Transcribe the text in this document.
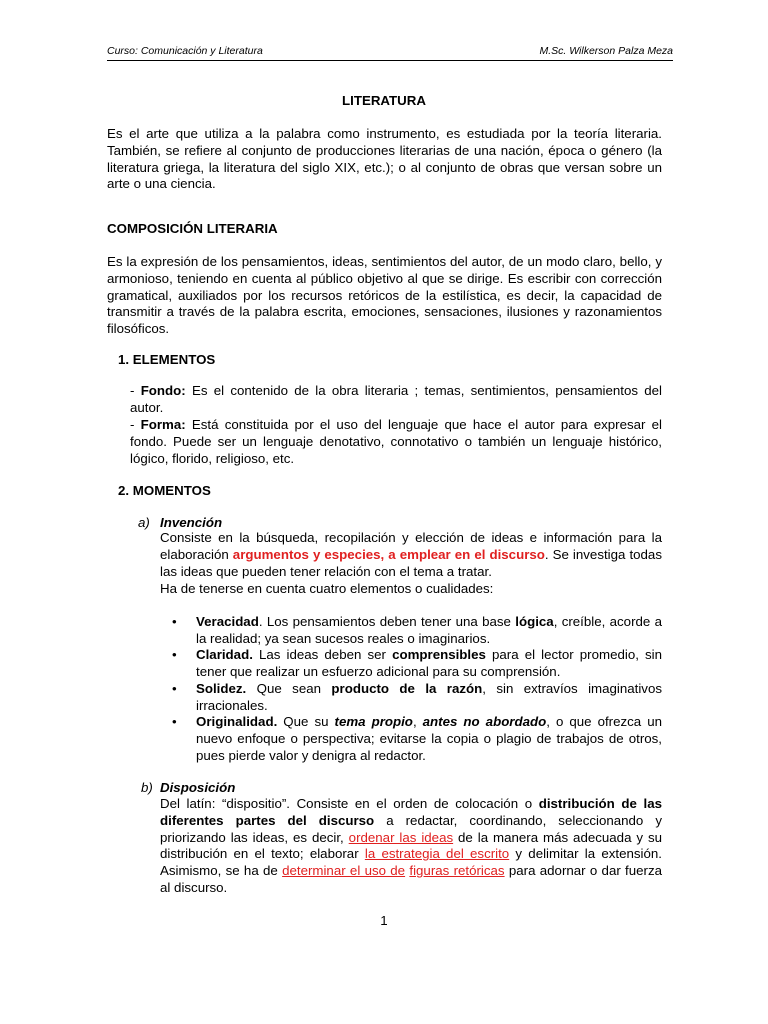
Curso: Comunicación y Literatura	M.Sc. Wilkerson Palza Meza
LITERATURA
Es el arte que utiliza a la palabra como instrumento, es estudiada por la teoría literaria. También, se refiere al conjunto de producciones literarias de una nación, época o género (la literatura griega, la literatura del siglo XIX, etc.); o al conjunto de obras que versan sobre un arte o una ciencia.
COMPOSICIÓN LITERARIA
Es la expresión de los pensamientos, ideas, sentimientos del autor, de un modo claro, bello, y armonioso, teniendo en cuenta al público objetivo al que se dirige. Es escribir con corrección gramatical, auxiliados por los recursos retóricos de la estilística, es decir, la capacidad de transmitir a través de la palabra escrita, emociones, sensaciones, ilusiones y razonamientos filosóficos.
1. ELEMENTOS
- Fondo: Es el contenido de la obra literaria ; temas, sentimientos, pensamientos del autor.
- Forma: Está constituida por el uso del lenguaje que hace el autor para expresar el fondo. Puede ser un lenguaje denotativo, connotativo o también un lenguaje histórico, lógico, florido, religioso, etc.
2. MOMENTOS
a) Invención
Consiste en la búsqueda, recopilación y elección de ideas e información para la elaboración argumentos y especies, a emplear en el discurso. Se investiga todas las ideas que pueden tener relación con el tema a tratar.
Ha de tenerse en cuenta cuatro elementos o cualidades:
• Veracidad. Los pensamientos deben tener una base lógica, creíble, acorde a la realidad; ya sean sucesos reales o imaginarios.
• Claridad. Las ideas deben ser comprensibles para el lector promedio, sin tener que realizar un esfuerzo adicional para su comprensión.
• Solidez. Que sean producto de la razón, sin extravíos imaginativos irracionales.
• Originalidad. Que su tema propio, antes no abordado, o que ofrezca un nuevo enfoque o perspectiva; evitarse la copia o plagio de trabajos de otros, pues pierde valor y denigra al redactor.
b) Disposición
Del latín: “dispositio”. Consiste en el orden de colocación o distribución de las diferentes partes del discurso a redactar, coordinando, seleccionando y priorizando las ideas, es decir, ordenar las ideas de la manera más adecuada y su distribución en el texto; elaborar la estrategia del escrito y delimitar la extensión. Asimismo, se ha de determinar el uso de figuras retóricas para adornar o dar fuerza al discurso.
1
